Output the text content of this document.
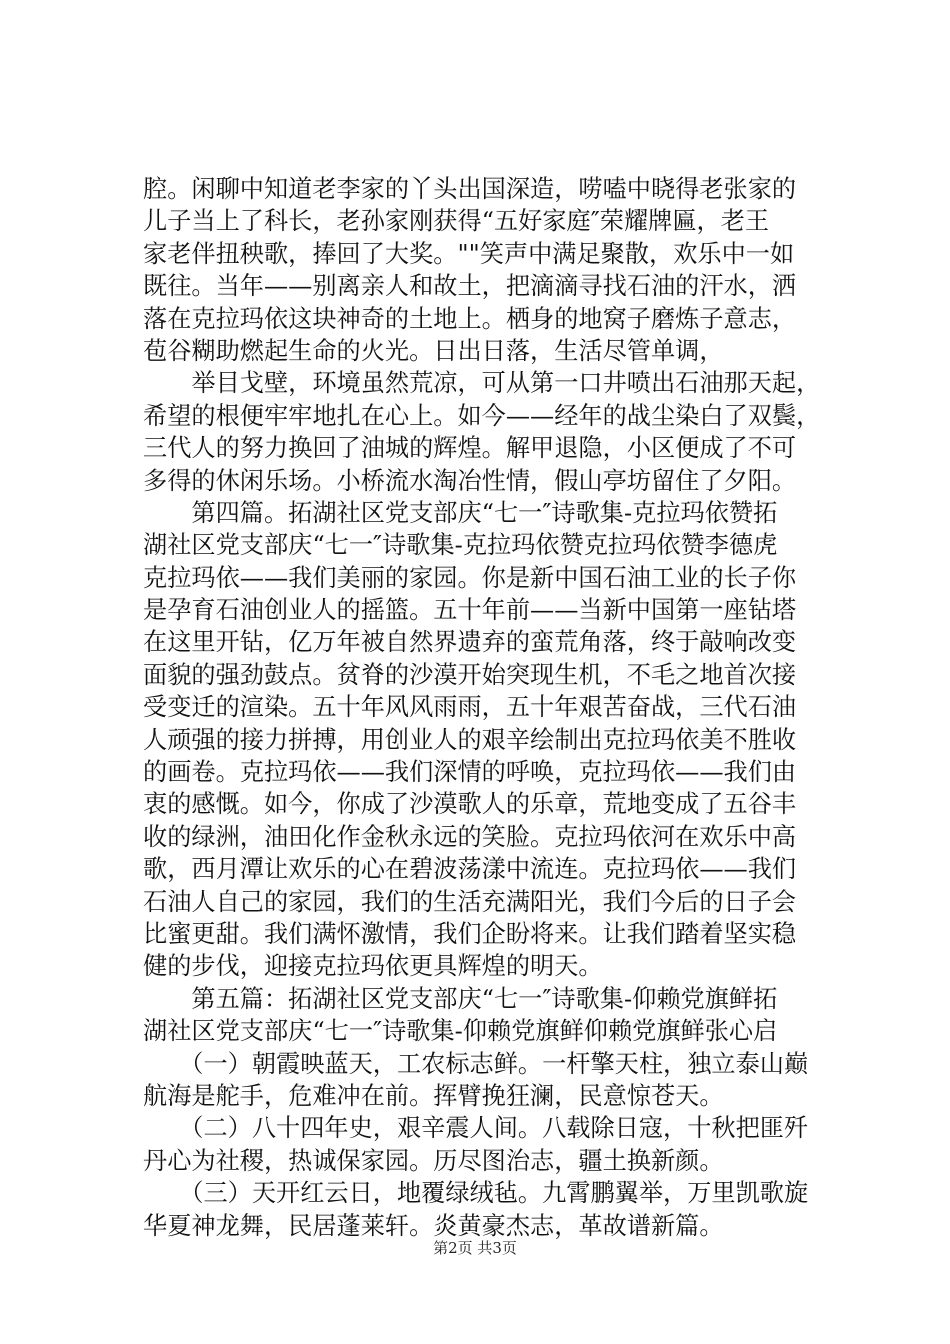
腔。闲聊中知道老李家的丫头出国深造，唠嗑中晓得老张家的
儿子当上了科长，老孙家刚获得“五好家庭″荣耀牌匾，老王
家老伴扭秧歌，捧回了大奖。""笑声中满足聚散，欢乐中一如
既往。当年——别离亲人和故土，把滴滴寻找石油的汗水，洒
落在克拉玛依这块神奇的土地上。栖身的地窝子磨炼子意志，
苞谷糊助燃起生命的火光。日出日落，生活尽管单调，
　　举目戈壁，环境虽然荒凉，可从第一口井喷出石油那天起，
希望的根便牢牢地扎在心上。如今——经年的战尘染白了双鬓，
三代人的努力换回了油城的辉煌。解甲退隐，小区便成了不可
多得的休闲乐场。小桥流水淘冶性情，假山亭坊留住了夕阳。
　　第四篇。拓湖社区党支部庆“七一″诗歌集-克拉玛依赞拓
湖社区党支部庆“七一″诗歌集-克拉玛依赞克拉玛依赞李德虎
克拉玛依——我们美丽的家园。你是新中国石油工业的长子你
是孕育石油创业人的摇篮。五十年前——当新中国第一座钻塔
在这里开钻，亿万年被自然界遗弃的蛮荒角落，终于敲响改变
面貌的强劲鼓点。贫脊的沙漠开始突现生机，不毛之地首次接
受变迁的渲染。五十年风风雨雨，五十年艰苦奋战，三代石油
人顽强的接力拼搏，用创业人的艰辛绘制出克拉玛依美不胜收
的画卷。克拉玛依——我们深情的呼唤，克拉玛依——我们由
衷的感慨。如今，你成了沙漠歌人的乐章，荒地变成了五谷丰
收的绿洲，油田化作金秋永远的笑脸。克拉玛依河在欢乐中高
歌，西月潭让欢乐的心在碧波荡漾中流连。克拉玛依——我们
石油人自己的家园，我们的生活充满阳光，我们今后的日子会
比蜜更甜。我们满怀激情，我们企盼将来。让我们踏着坚实稳
健的步伐，迎接克拉玛依更具辉煌的明天。
　　第五篇：拓湖社区党支部庆“七一″诗歌集-仰赖党旗鲜拓
湖社区党支部庆“七一″诗歌集-仰赖党旗鲜仰赖党旗鲜张心启
　　（一）朝霞映蓝天，工农标志鲜。一杆擎天柱，独立泰山巅
航海是舵手，危难冲在前。挥臂挽狂澜，民意惊苍天。
　　（二）八十四年史，艰辛震人间。八载除日寇，十秋把匪歼
丹心为社稷，热诚保家园。历尽图治志，疆土换新颜。
　　（三）天开红云日，地覆绿绒毡。九霄鹏翼举，万里凯歌旋
华夏神龙舞，民居蓬莱轩。炎黄豪杰志，革故谱新篇。
第2页 共3页
